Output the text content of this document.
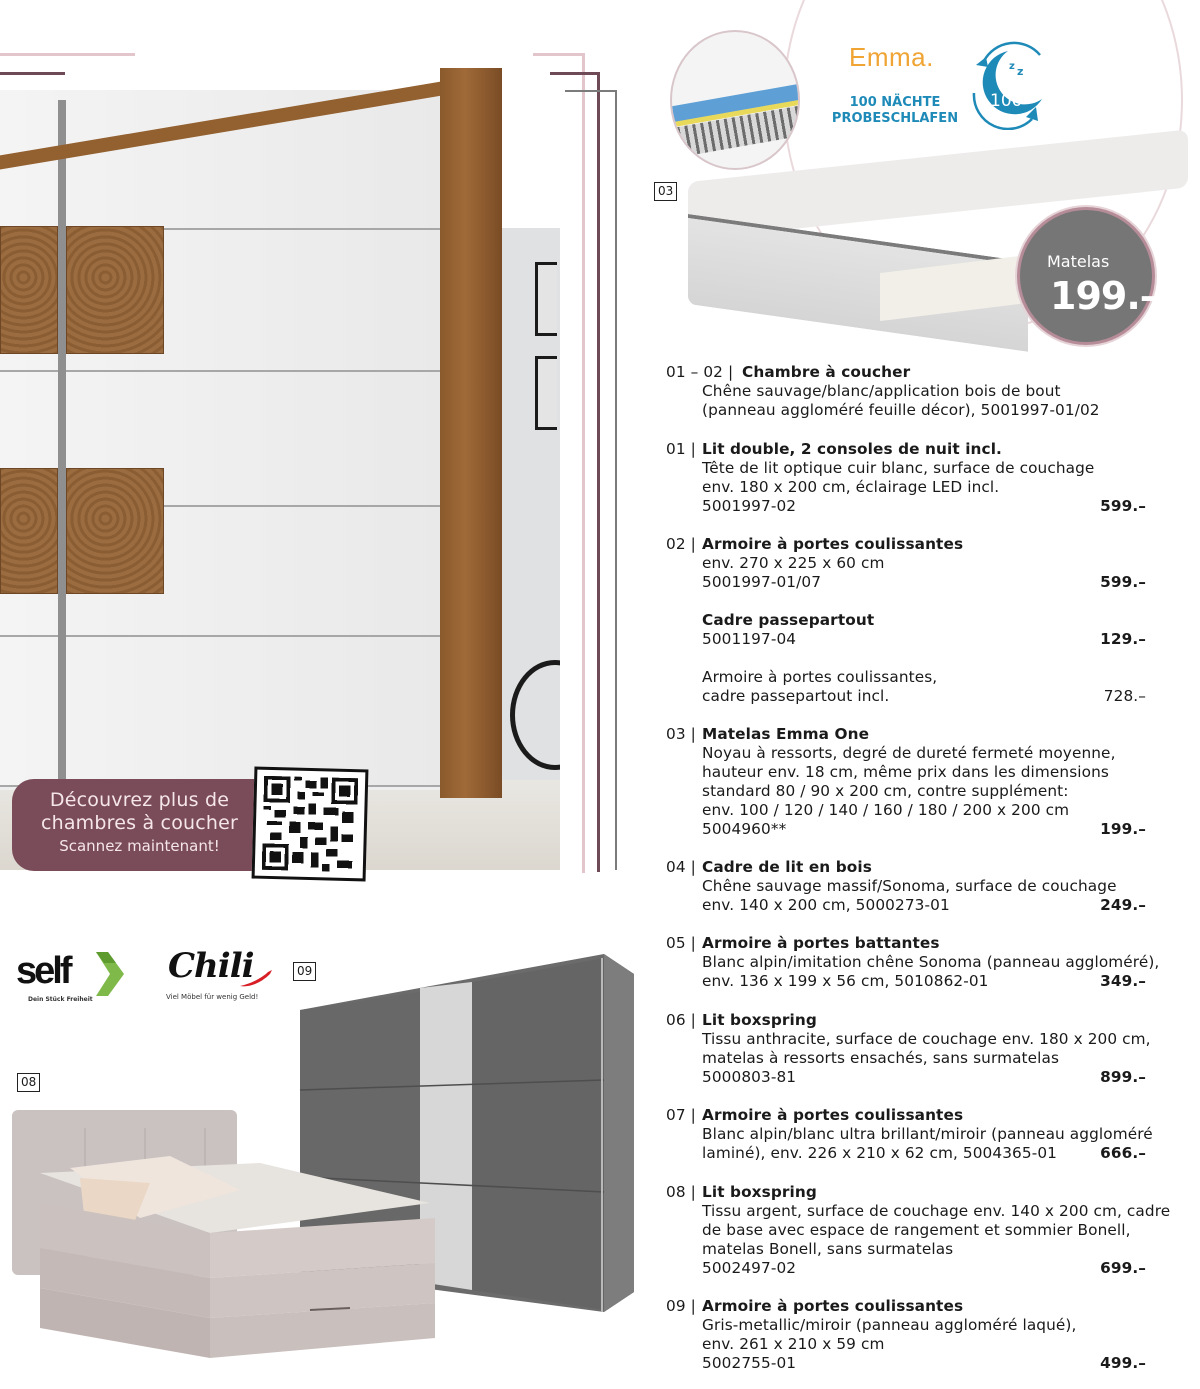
Découvrez plus de
chambres à coucher
Scannez maintenant!
Emma.
100 NÄCHTE
PROBESCHLAFEN
z z
100
Matelas
199.–
03
self
Dein Stück Freiheit
Chili
Viel Möbel für wenig Geld!
09
08
01 – 02 | Chambre à coucher
Chêne sauvage/blanc/application bois de bout
(panneau aggloméré feuille décor), 5001997-01/02
01 | Lit double, 2 consoles de nuit incl.
Tête de lit optique cuir blanc, surface de couchage
env. 180 x 200 cm, éclairage LED incl.
5001997-02	599.–
02 | Armoire à portes coulissantes
env. 270 x 225 x 60 cm
5001997-01/07	599.–
Cadre passepartout
5001197-04	129.–
Armoire à portes coulissantes,
cadre passepartout incl.	728.–
03 | Matelas Emma One
Noyau à ressorts, degré de dureté fermeté moyenne,
hauteur env. 18 cm, même prix dans les dimensions
standard 80 / 90 x 200 cm, contre supplément:
env. 100 / 120 / 140 / 160 / 180 / 200 x 200 cm
5004960**	199.–
04 | Cadre de lit en bois
Chêne sauvage massif/Sonoma, surface de couchage
env. 140 x 200 cm, 5000273-01	249.–
05 | Armoire à portes battantes
Blanc alpin/imitation chêne Sonoma (panneau aggloméré),
env. 136 x 199 x 56 cm, 5010862-01	349.–
06 | Lit boxspring
Tissu anthracite, surface de couchage env. 180 x 200 cm,
matelas à ressorts ensachés, sans surmatelas
5000803-81	899.–
07 | Armoire à portes coulissantes
Blanc alpin/blanc ultra brillant/miroir (panneau aggloméré
laminé), env. 226 x 210 x 62 cm, 5004365-01	666.–
08 | Lit boxspring
Tissu argent, surface de couchage env. 140 x 200 cm, cadre
de base avec espace de rangement et sommier Bonell,
matelas Bonell, sans surmatelas
5002497-02	699.–
09 | Armoire à portes coulissantes
Gris-metallic/miroir (panneau aggloméré laqué),
env. 261 x 210 x 59 cm
5002755-01	499.–
